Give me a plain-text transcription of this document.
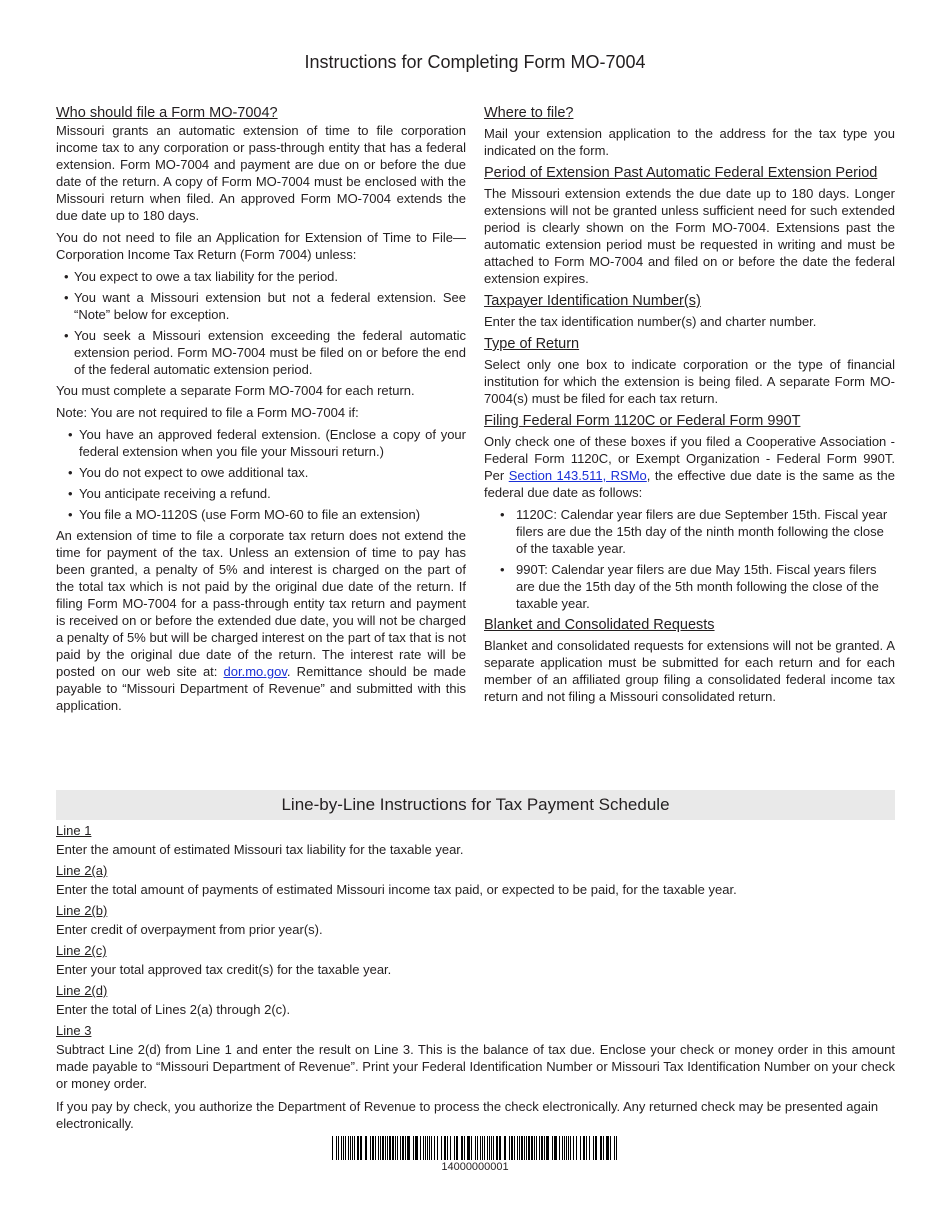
Instructions for Completing Form MO-7004
Who should file a Form MO-7004?

Missouri grants an automatic extension of time to file corporation income tax to any corporation or pass-through entity that has a federal extension. Form MO-7004 and payment are due on or before the due date of the return. A copy of Form MO-7004 must be enclosed with the Missouri return when filed. An approved Form MO-7004 extends the due date up to 180 days.

You do not need to file an Application for Extension of Time to File—Corporation Income Tax Return (Form 7004) unless:

• You expect to owe a tax liability for the period.
• You want a Missouri extension but not a federal extension. See “Note” below for exception.
• You seek a Missouri extension exceeding the federal automatic extension period. Form MO-7004 must be filed on or before the end of the federal automatic extension period.

You must complete a separate Form MO-7004 for each return.

Note: You are not required to file a Form MO-7004 if:

• You have an approved federal extension. (Enclose a copy of your federal extension when you file your Missouri return.)
• You do not expect to owe additional tax.
• You anticipate receiving a refund.
• You file a MO-1120S (use Form MO-60 to file an extension)

An extension of time to file a corporate tax return does not extend the time for payment of the tax. Unless an extension of time to pay has been granted, a penalty of 5% and interest is charged on the part of the total tax which is not paid by the original due date of the return. If filing Form MO-7004 for a pass-through entity tax return and payment is received on or before the extended due date, you will not be charged a penalty of 5% but will be charged interest on the part of tax that is not paid by the original due date of the return. The interest rate will be posted on our web site at: dor.mo.gov. Remittance should be made payable to “Missouri Department of Revenue” and submitted with this application.

Where to file?

Mail your extension application to the address for the tax type you indicated on the form.

Period of Extension Past Automatic Federal Extension Period

The Missouri extension extends the due date up to 180 days. Longer extensions will not be granted unless sufficient need for such extended period is clearly shown on the Form MO-7004. Extensions past the automatic extension period must be requested in writing and must be attached to Form MO-7004 and filed on or before the date the federal extension expires.

Taxpayer Identification Number(s)

Enter the tax identification number(s) and charter number.

Type of Return

Select only one box to indicate corporation or the type of financial institution for which the extension is being filed. A separate Form MO-7004(s) must be filed for each tax return.

Filing Federal Form 1120C or Federal Form 990T

Only check one of these boxes if you filed a Cooperative Association - Federal Form 1120C, or Exempt Organization - Federal Form 990T. Per Section 143.511, RSMo, the effective due date is the same as the federal due date as follows:

• 1120C: Calendar year filers are due September 15th. Fiscal year filers are due the 15th day of the ninth month following the close of the taxable year.
• 990T: Calendar year filers are due May 15th. Fiscal years filers are due the 15th day of the 5th month following the close of the taxable year.
Blanket and Consolidated Requests

Blanket and consolidated requests for extensions will not be granted. A separate application must be submitted for each return and for each member of an affiliated group filing a consolidated federal income tax return and not filing a Missouri consolidated return.

Line-by-Line Instructions for Tax Payment Schedule
Line 1
Enter the amount of estimated Missouri tax liability for the taxable year.
Line 2(a)
Enter the total amount of payments of estimated Missouri income tax paid, or expected to be paid, for the taxable year.
Line 2(b)
Enter credit of overpayment from prior year(s).
Line 2(c)
Enter your total approved tax credit(s) for the taxable year.
Line 2(d)
Enter the total of Lines 2(a) through 2(c).
Line 3
Subtract Line 2(d) from Line 1 and enter the result on Line 3. This is the balance of tax due. Enclose your check or money order in this amount made payable to “Missouri Department of Revenue”. Print your Federal Identification Number or Missouri Tax Identification Number on your check or money order.
If you pay by check, you authorize the Department of Revenue to process the check electronically. Any returned check may be presented again electronically.
14000000001
